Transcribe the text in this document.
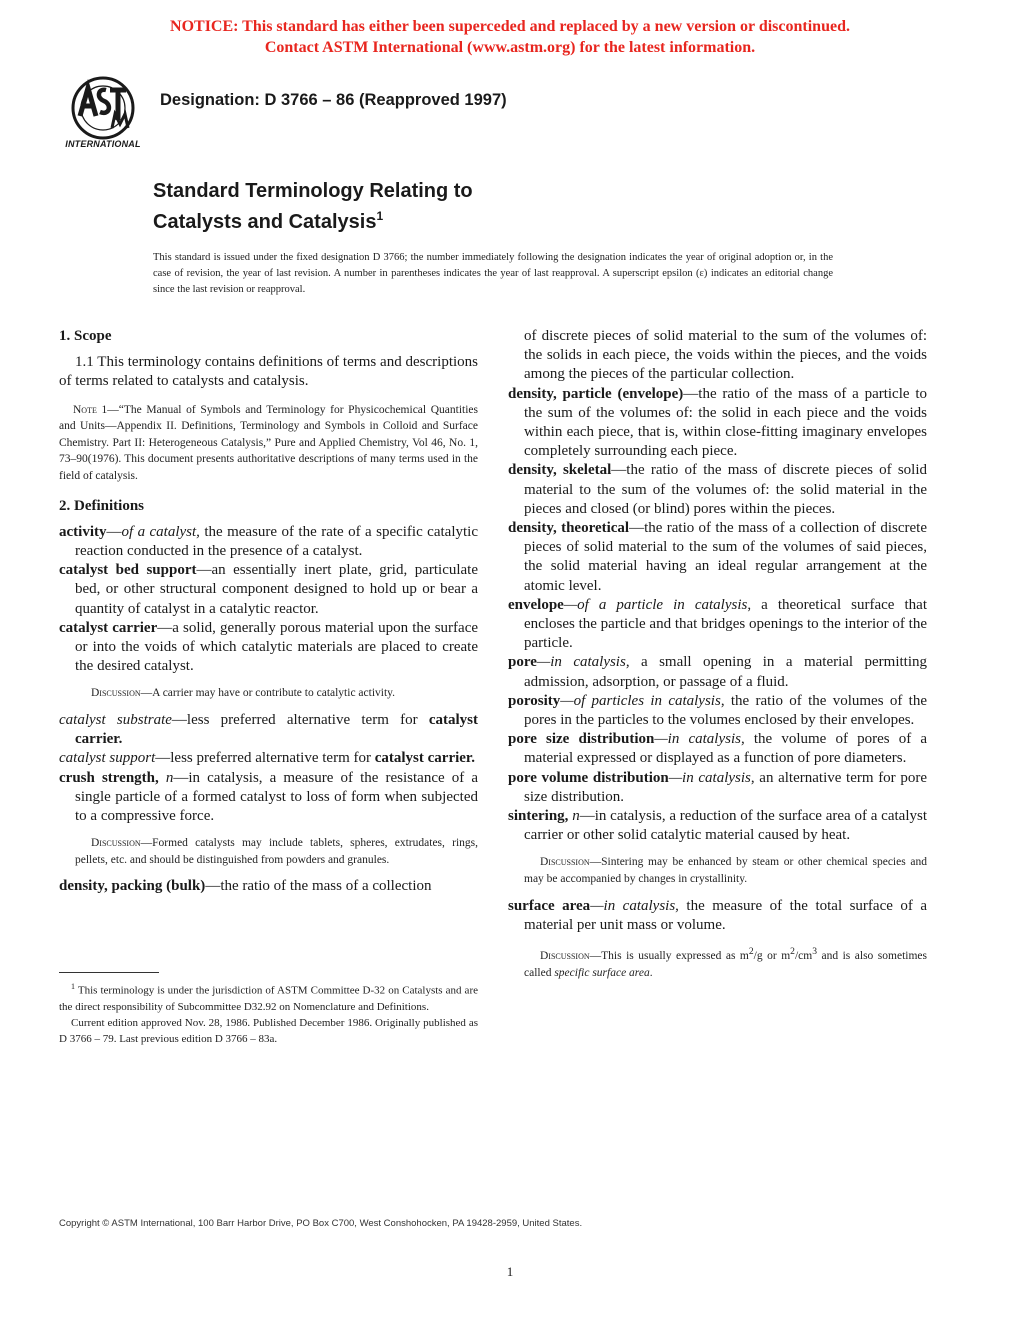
NOTICE: This standard has either been superceded and replaced by a new version or discontinued.
Contact ASTM International (www.astm.org) for the latest information.
INTERNATIONAL
Designation: D 3766 – 86 (Reapproved 1997)
Standard Terminology Relating to
Catalysts and Catalysis$^1$
This standard is issued under the fixed designation D 3766; the number immediately following the designation indicates the year of original adoption or, in the case of revision, the year of last revision. A number in parentheses indicates the year of last reapproval. A superscript epsilon (ε) indicates an editorial change since the last revision or reapproval.
1. Scope

1.1 This terminology contains definitions of terms and descriptions of terms related to catalysts and catalysis.

Note 1—“The Manual of Symbols and Terminology for Physicochemical Quantities and Units—Appendix II. Definitions, Terminology and Symbols in Colloid and Surface Chemistry. Part II: Heterogeneous Catalysis,” Pure and Applied Chemistry, Vol 46, No. 1, 73–90(1976). This document presents authoritative descriptions of many terms used in the field of catalysis.

2. Definitions

activity—of a catalyst, the measure of the rate of a specific catalytic reaction conducted in the presence of a catalyst.

catalyst bed support—an essentially inert plate, grid, particulate bed, or other structural component designed to hold up or bear a quantity of catalyst in a catalytic reactor.

catalyst carrier—a solid, generally porous material upon the surface or into the voids of which catalytic materials are placed to create the desired catalyst.

Discussion—A carrier may have or contribute to catalytic activity.

catalyst substrate—less preferred alternative term for catalyst carrier.

catalyst support—less preferred alternative term for catalyst carrier.

crush strength, n—in catalysis, a measure of the resistance of a single particle of a formed catalyst to loss of form when subjected to a compressive force.

Discussion—Formed catalysts may include tablets, spheres, extrudates, rings, pellets, etc. and should be distinguished from powders and granules.

density, packing (bulk)—the ratio of the mass of a collection

of discrete pieces of solid material to the sum of the volumes of: the solids in each piece, the voids within the pieces, and the voids among the pieces of the particular collection.

density, particle (envelope)—the ratio of the mass of a particle to the sum of the volumes of: the solid in each piece and the voids within each piece, that is, within close-fitting imaginary envelopes completely surrounding each piece.

density, skeletal—the ratio of the mass of discrete pieces of solid material to the sum of the volumes of: the solid material in the pieces and closed (or blind) pores within the pieces.

density, theoretical—the ratio of the mass of a collection of discrete pieces of solid material to the sum of the volumes of said pieces, the solid material having an ideal regular arrangement at the atomic level.

envelope—of a particle in catalysis, a theoretical surface that encloses the particle and that bridges openings to the interior of the particle.

pore—in catalysis, a small opening in a material permitting admission, adsorption, or passage of a fluid.

porosity—of particles in catalysis, the ratio of the volumes of the pores in the particles to the volumes enclosed by their envelopes.

pore size distribution—in catalysis, the volume of pores of a material expressed or displayed as a function of pore diameters.

pore volume distribution—in catalysis, an alternative term for pore size distribution.

sintering, n—in catalysis, a reduction of the surface area of a catalyst carrier or other solid catalytic material caused by heat.

Discussion—Sintering may be enhanced by steam or other chemical species and may be accompanied by changes in crystallinity.

surface area—in catalysis, the measure of the total surface of a material per unit mass or volume.

Discussion—This is usually expressed as $m^2/g$ or $m^2/cm^3$ and is also sometimes called specific surface area.

$^1$ This terminology is under the jurisdiction of ASTM Committee D-32 on Catalysts and are the direct responsibility of Subcommittee D32.92 on Nomenclature and Definitions.

Current edition approved Nov. 28, 1986. Published December 1986. Originally published as D 3766 – 79. Last previous edition D 3766 – 83a.

Copyright © ASTM International, 100 Barr Harbor Drive, PO Box C700, West Conshohocken, PA 19428-2959, United States.
1
